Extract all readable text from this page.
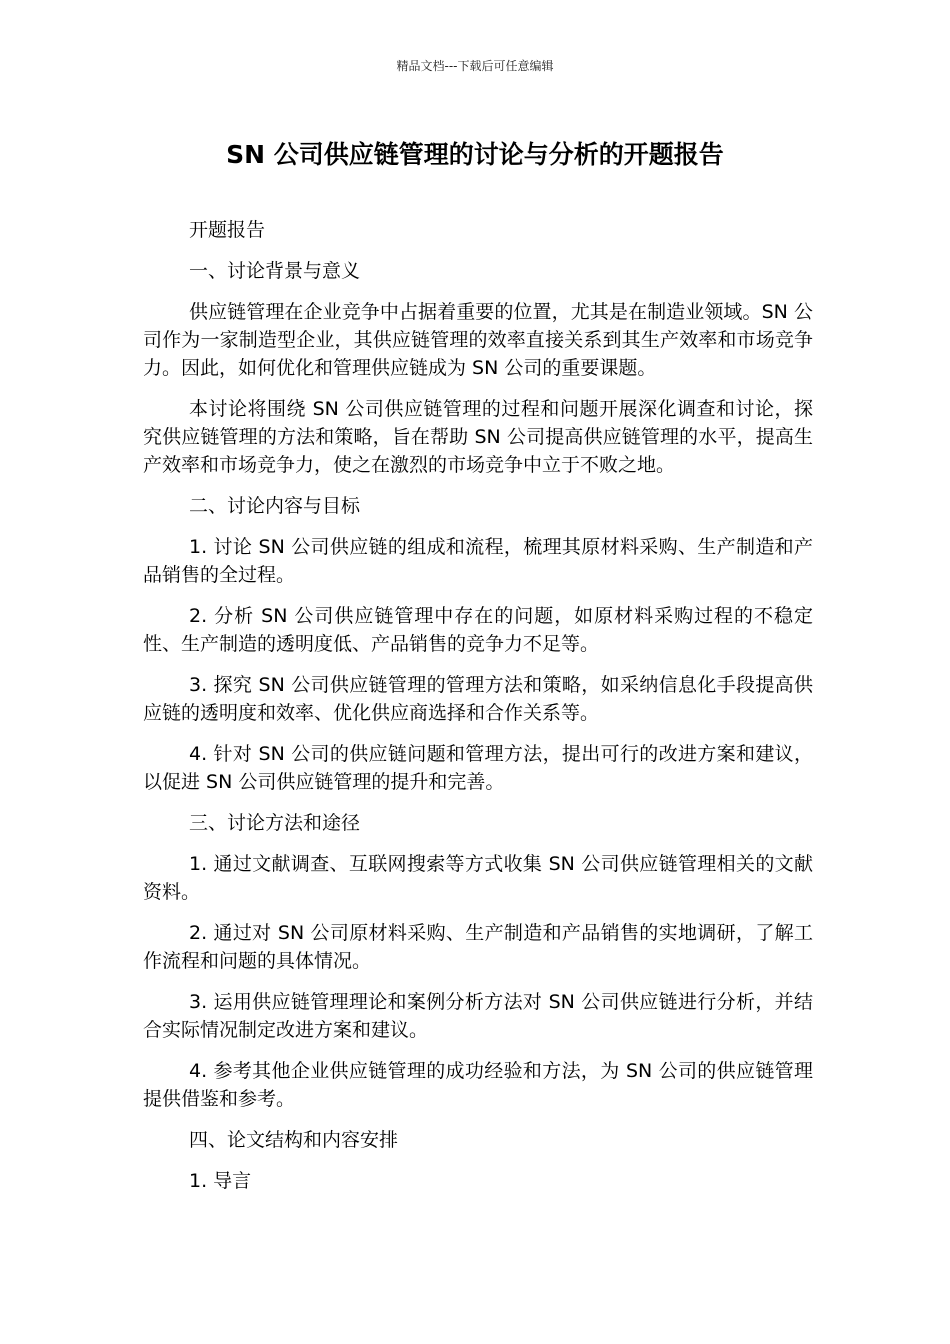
精品文档---下载后可任意编辑
SN 公司供应链管理的讨论与分析的开题报告

开题报告

一、讨论背景与意义

供应链管理在企业竞争中占据着重要的位置，尤其是在制造业领域。SN 公司作为一家制造型企业，其供应链管理的效率直接关系到其生产效率和市场竞争力。因此，如何优化和管理供应链成为 SN 公司的重要课题。

本讨论将围绕 SN 公司供应链管理的过程和问题开展深化调查和讨论，探究供应链管理的方法和策略，旨在帮助 SN 公司提高供应链管理的水平，提高生产效率和市场竞争力，使之在激烈的市场竞争中立于不败之地。

二、讨论内容与目标

1. 讨论 SN 公司供应链的组成和流程，梳理其原材料采购、生产制造和产品销售的全过程。

2. 分析 SN 公司供应链管理中存在的问题，如原材料采购过程的不稳定性、生产制造的透明度低、产品销售的竞争力不足等。

3. 探究 SN 公司供应链管理的管理方法和策略，如采纳信息化手段提高供应链的透明度和效率、优化供应商选择和合作关系等。

4. 针对 SN 公司的供应链问题和管理方法，提出可行的改进方案和建议，以促进 SN 公司供应链管理的提升和完善。

三、讨论方法和途径

1. 通过文献调查、互联网搜索等方式收集 SN 公司供应链管理相关的文献资料。

2. 通过对 SN 公司原材料采购、生产制造和产品销售的实地调研，了解工作流程和问题的具体情况。

3. 运用供应链管理理论和案例分析方法对 SN 公司供应链进行分析，并结合实际情况制定改进方案和建议。

4. 参考其他企业供应链管理的成功经验和方法，为 SN 公司的供应链管理提供借鉴和参考。

四、论文结构和内容安排

1. 导言
